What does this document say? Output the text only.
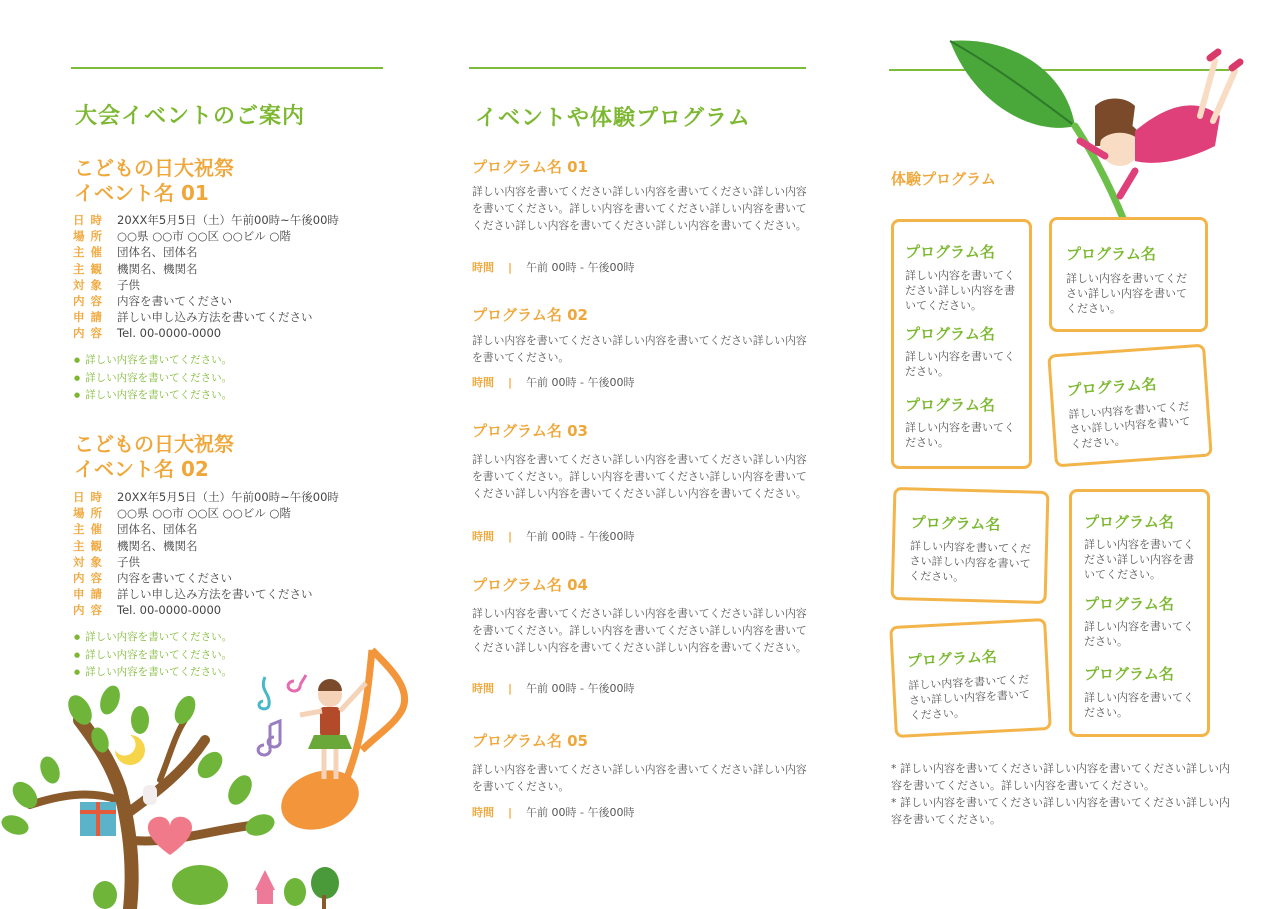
大会イベントのご案内
こどもの日大祝祭
イベント名 01
日時 20XX年5月5日（土）午前00時~午後00時
場所 ○○県 ○○市 ○○区 ○○ビル ○階
主催 団体名、団体名
主観 機関名、機関名
対象 子供
内容 内容を書いてください
申請 詳しい申し込み方法を書いてください
内容 Tel. 00-0000-0000
● 詳しい内容を書いてください。
● 詳しい内容を書いてください。
● 詳しい内容を書いてください。
こどもの日大祝祭
イベント名 02
日時 20XX年5月5日（土）午前00時~午後00時
場所 ○○県 ○○市 ○○区 ○○ビル ○階
主催 団体名、団体名
主観 機関名、機関名
対象 子供
内容 内容を書いてください
申請 詳しい申し込み方法を書いてください
内容 Tel. 00-0000-0000
● 詳しい内容を書いてください。
● 詳しい内容を書いてください。
● 詳しい内容を書いてください。
イベントや体験プログラム
プログラム名 01
詳しい内容を書いてください詳しい内容を書いてください詳しい内容を書いてください。詳しい内容を書いてください詳しい内容を書いてください詳しい内容を書いてください詳しい内容を書いてください。
時間 | 午前 00時 - 午後00時
プログラム名 02
詳しい内容を書いてください詳しい内容を書いてください詳しい内容を書いてください。
時間 | 午前 00時 - 午後00時
プログラム名 03
詳しい内容を書いてください詳しい内容を書いてください詳しい内容を書いてください。詳しい内容を書いてください詳しい内容を書いてください詳しい内容を書いてください詳しい内容を書いてください。
時間 | 午前 00時 - 午後00時
プログラム名 04
詳しい内容を書いてください詳しい内容を書いてください詳しい内容を書いてください。詳しい内容を書いてください詳しい内容を書いてください詳しい内容を書いてください詳しい内容を書いてください。
時間 | 午前 00時 - 午後00時
プログラム名 05
詳しい内容を書いてください詳しい内容を書いてください詳しい内容を書いてください。
時間 | 午前 00時 - 午後00時
体験プログラム
プログラム名
詳しい内容を書いてください詳しい内容を書いてください。
プログラム名
詳しい内容を書いてください。
プログラム名
詳しい内容を書いてください。
プログラム名
詳しい内容を書いてください詳しい内容を書いてください。
プログラム名
詳しい内容を書いてください詳しい内容を書いてください。
プログラム名
詳しい内容を書いてください詳しい内容を書いてください。
プログラム名
詳しい内容を書いてください詳しい内容を書いてください。
プログラム名
詳しい内容を書いてください詳しい内容を書いてください。
プログラム名
詳しい内容を書いてください。
プログラム名
詳しい内容を書いてください。
* 詳しい内容を書いてください詳しい内容を書いてください詳しい内容を書いてください。詳しい内容を書いてください。
* 詳しい内容を書いてください詳しい内容を書いてください詳しい内容を書いてください。
